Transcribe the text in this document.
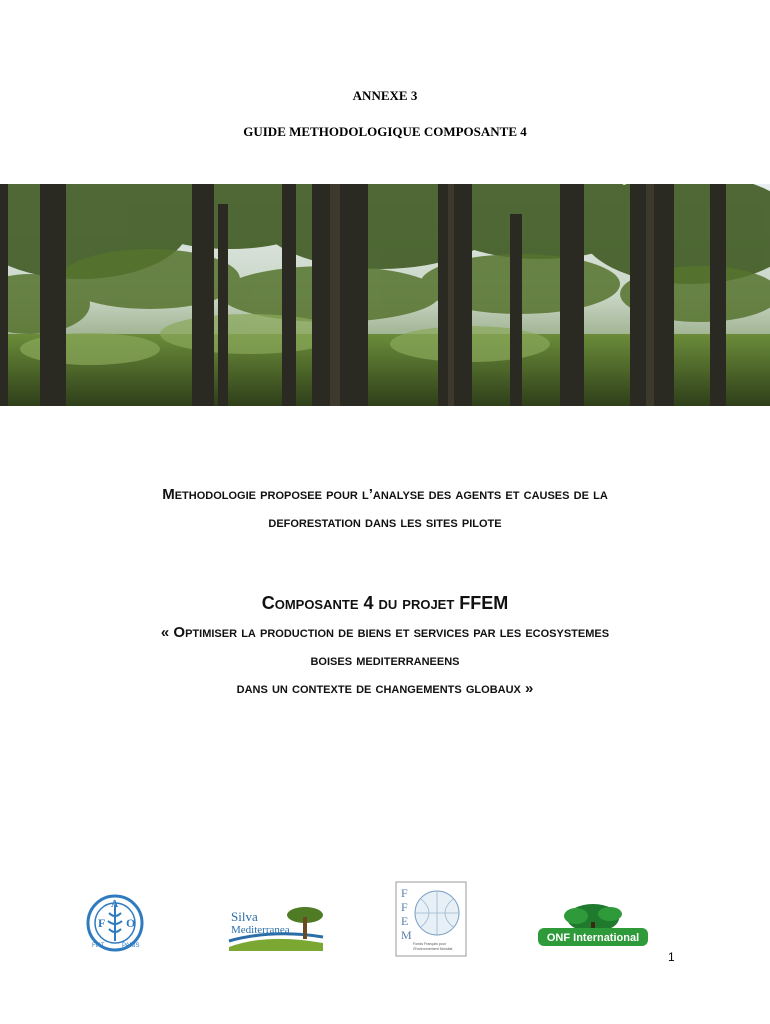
ANNEXE 3
GUIDE METHODOLOGIQUE COMPOSANTE 4
Methodologie proposee pour l’analyse des agents et causes de la
deforestation dans les sites pilote
Composante 4 du projet FFEM
« Optimiser la production de biens et services par les ecosystemes
boises mediterraneens
dans un contexte de changements globaux »
F O
A
FIAT	PANIS
Silva
Mediterranea
F
F
E
M
Fonds Français pour
l'Environnement Mondial
ONF International
1
